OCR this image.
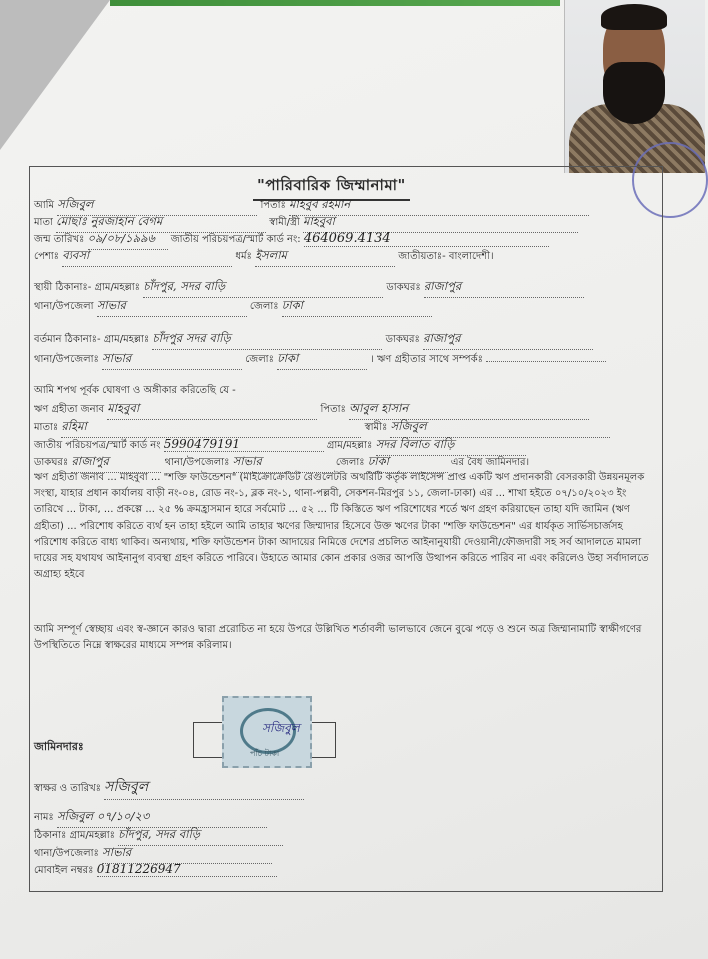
"পারিবারিক জিম্মানামা"
আমি সজিবুল	পিতাঃ মাহবুব রহমান
মাতা মোছাঃ নুরজাহান বেগম	স্বামী/স্ত্রী মাহবুবা
জন্ম তারিখঃ ০৯/০৮/১৯৯৬ জাতীয় পরিচয়পত্র/স্মার্ট কার্ড নং: 464069.4134
পেশাঃ ব্যবসা	ধর্মঃ ইসলাম	জাতীয়তাঃ- বাংলাদেশী।
স্থায়ী ঠিকানাঃ- গ্রাম/মহল্লাঃ চাঁদপুর, সদর বাড়ি	ডাকঘরঃ রাজাপুর
থানা/উপজেলা সাভার	জেলাঃ ঢাকা
বর্তমান ঠিকানাঃ- গ্রাম/মহল্লাঃ চাঁদপুর সদর বাড়ি	ডাকঘরঃ রাজাপুর
থানা/উপজেলাঃ সাভার	জেলাঃ ঢাকা	। ঋণ গ্রহীতার সাথে সম্পর্কঃ
আমি শপথ পূর্বক ঘোষণা ও অঙ্গীকার করিতেছি যে -
ঋণ গ্রহীতা জনাব মাহবুবা	পিতাঃ আবুল হাসান
মাতাঃ রহিমা	স্বামীঃ সজিবুল
জাতীয় পরিচয়পত্র/স্মার্ট কার্ড নং 5990479191	গ্রাম/মহল্লাঃ সদর বিলাত বাড়ি
ডাকঘরঃ রাজাপুর	থানা/উপজেলাঃ সাভার	জেলাঃ ঢাকা	এর বৈধ জামিনদার।
ঋণ গ্রহীতা জনাব ... মাহবুবা ... "শক্তি ফাউন্ডেশন" (মাইক্রোক্রেডিট রেগুলেটরি অথরিটি কর্তৃক লাইসেন্স প্রাপ্ত একটি ঋণ প্রদানকারী বেসরকারী উন্নয়নমূলক সংস্থা, যাহার প্রধান কার্যালয় বাড়ী নং-০৪, রোড নং-১, ব্লক নং-১, থানা-পল্লবী, সেকশন-মিরপুর ১১, জেলা-ঢাকা) এর ... শাখা হইতে ০৭/১০/২০২৩ ইং তারিখে ... টাকা, ... প্রকল্পে ... ২৫ % ক্রমহ্রাসমান হারে সর্বমোট ... ৫২ ... টি কিস্তিতে ঋণ পরিশোধের শর্তে ঋণ গ্রহণ করিয়াছেন তাহা যদি জামিন (ঋণ গ্রহীতা) ... পরিশোধ করিতে ব্যর্থ হন তাহা হইলে আমি তাহার ঋণের জিম্মাদার হিসেবে উক্ত ঋণের টাকা "শক্তি ফাউন্ডেশন" এর ধার্যকৃত সার্ভিসচার্জসহ পরিশোধ করিতে বাধ্য থাকিব। অন্যথায়, শক্তি ফাউন্ডেশন টাকা আদায়ের নিমিত্তে দেশের প্রচলিত আইনানুযায়ী দেওয়ানী/ফৌজদারী সহ সর্ব আদালতে মামলা দায়ের সহ যথাযথ আইনানুগ ব্যবস্থা গ্রহণ করিতে পারিবে। উহাতে আমার কোন প্রকার ওজর আপত্তি উত্থাপন করিতে পারিব না এবং করিলেও উহা সর্বাদালতে অগ্রাহ্য হইবে
আমি সম্পূর্ণ স্বেচ্ছায় এবং স্ব-জ্ঞানে কারও দ্বারা প্ররোচিত না হয়ে উপরে উল্লিখিত শর্তাবলী ভালভাবে জেনে বুঝে পড়ে ও শুনে অত্র জিম্মানামাটি স্বাক্ষীগণের উপস্থিতিতে নিম্নে স্বাক্ষরের মাধ্যমে সম্পন্ন করিলাম।
সজিবুল
পাঁচ টাকা
জামিনদারঃ
স্বাক্ষর ও তারিখঃ সজিবুল
নামঃ সজিবুল ০৭/১০/২৩
ঠিকানাঃ গ্রাম/মহল্লাঃ চাঁদপুর, সদর বাড়ি
থানা/উপজেলাঃ সাভার
মোবাইল নম্বরঃ 01811226947
